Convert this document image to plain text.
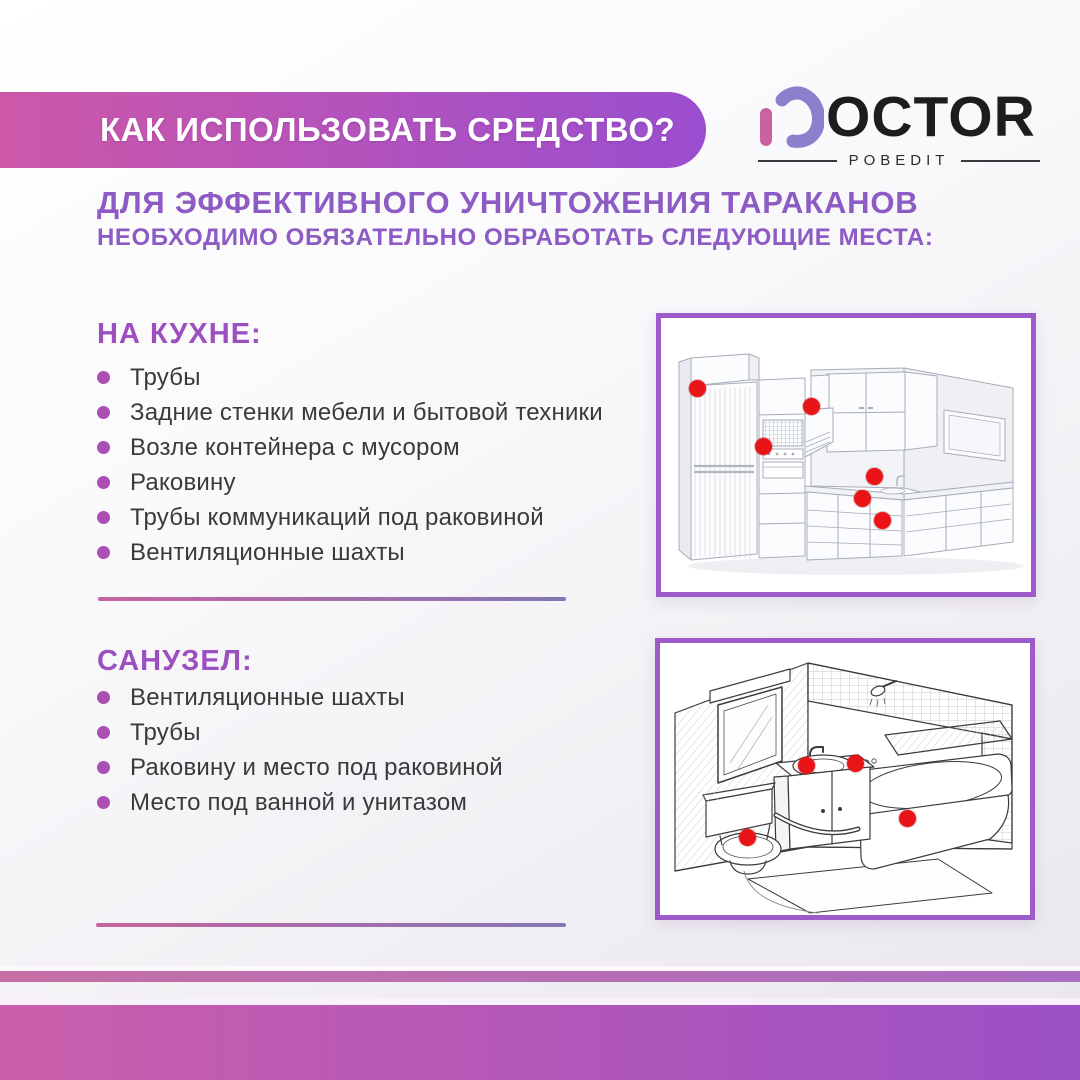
КАК ИСПОЛЬЗОВАТЬ СРЕДСТВО?	OCTOR
POBEDIT
ДЛЯ ЭФФЕКТИВНОГО УНИЧТОЖЕНИЯ ТАРАКАНОВ
НЕОБХОДИМО ОБЯЗАТЕЛЬНО ОБРАБОТАТЬ СЛЕДУЮЩИЕ МЕСТА:
НА КУХНЕ:
Трубы
Задние стенки мебели и бытовой техники
Возле контейнера с мусором
Раковину
Трубы коммуникаций под раковиной
Вентиляционные шахты
САНУЗЕЛ:
Вентиляционные шахты
Трубы
Раковину и место под раковиной
Место под ванной и унитазом
